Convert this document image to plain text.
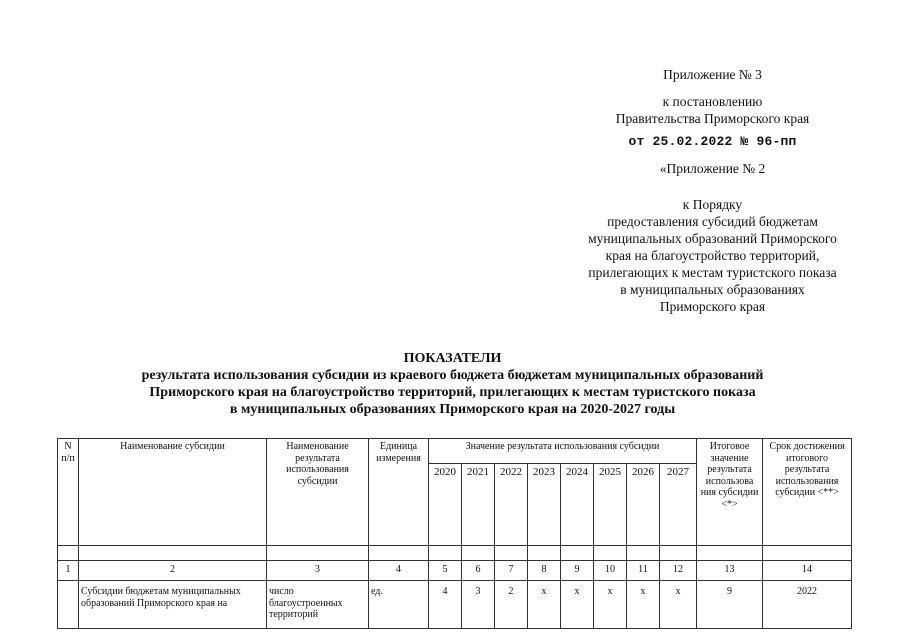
Приложение № 3
к постановлению
Правительства Приморского края
от 25.02.2022 № 96-пп
«Приложение № 2
к Порядку
предоставления субсидий бюджетам
муниципальных образований Приморского
края на благоустройство территорий,
прилегающих к местам туристского показа
в муниципальных образованиях
Приморского края
ПОКАЗАТЕЛИ
результата использования субсидии из краевого бюджета бюджетам муниципальных образований
Приморского края на благоустройство территорий, прилегающих к местам туристского показа
в муниципальных образованиях Приморского края на 2020-2027 годы
N п/п	Наименование субсидии	Наименование результата использования субсидии	Единица измерения	Значение результата использования субсидии								Итоговое значение результата использова ния субсидии <*>	Срок достижения итогового результата использования субсидии <**>
				2020	2021	2022	2023	2024	2025	2026	2027		

1	2	3	4	5	6	7	8	9	10	11	12	13	14
	Субсидии бюджетам муниципальных образований Приморского края на	число благоустроенных территорий	ед.	4	3	2	x	x	x	x	x	9	2022
